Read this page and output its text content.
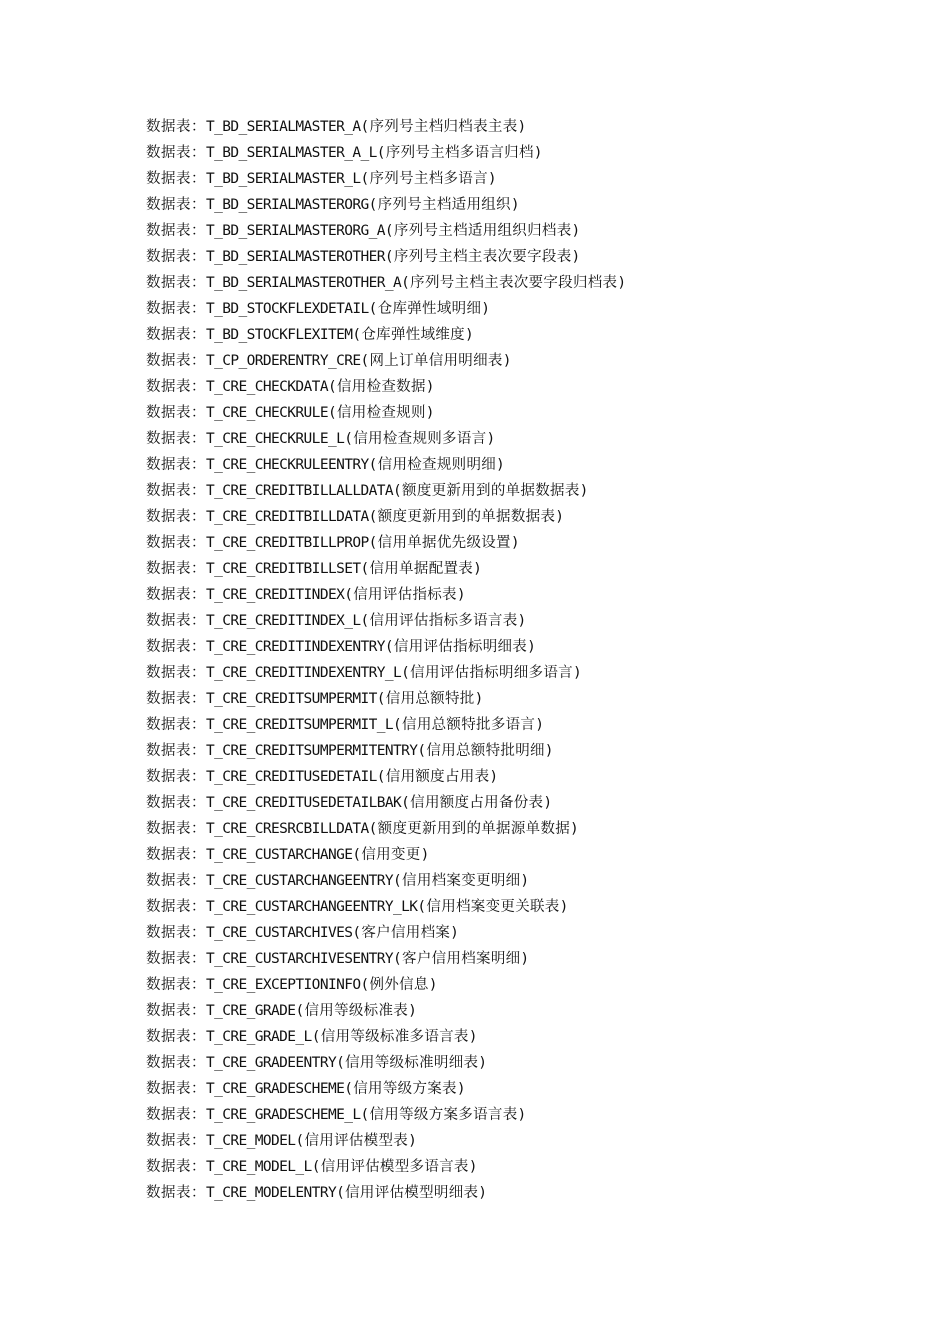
数据表：T_BD_SERIALMASTER_A(序列号主档归档表主表)
数据表：T_BD_SERIALMASTER_A_L(序列号主档多语言归档)
数据表：T_BD_SERIALMASTER_L(序列号主档多语言)
数据表：T_BD_SERIALMASTERORG(序列号主档适用组织)
数据表：T_BD_SERIALMASTERORG_A(序列号主档适用组织归档表)
数据表：T_BD_SERIALMASTEROTHER(序列号主档主表次要字段表)
数据表：T_BD_SERIALMASTEROTHER_A(序列号主档主表次要字段归档表)
数据表：T_BD_STOCKFLEXDETAIL(仓库弹性域明细)
数据表：T_BD_STOCKFLEXITEM(仓库弹性域维度)
数据表：T_CP_ORDERENTRY_CRE(网上订单信用明细表)
数据表：T_CRE_CHECKDATA(信用检查数据)
数据表：T_CRE_CHECKRULE(信用检查规则)
数据表：T_CRE_CHECKRULE_L(信用检查规则多语言)
数据表：T_CRE_CHECKRULEENTRY(信用检查规则明细)
数据表：T_CRE_CREDITBILLALLDATA(额度更新用到的单据数据表)
数据表：T_CRE_CREDITBILLDATA(额度更新用到的单据数据表)
数据表：T_CRE_CREDITBILLPROP(信用单据优先级设置)
数据表：T_CRE_CREDITBILLSET(信用单据配置表)
数据表：T_CRE_CREDITINDEX(信用评估指标表)
数据表：T_CRE_CREDITINDEX_L(信用评估指标多语言表)
数据表：T_CRE_CREDITINDEXENTRY(信用评估指标明细表)
数据表：T_CRE_CREDITINDEXENTRY_L(信用评估指标明细多语言)
数据表：T_CRE_CREDITSUMPERMIT(信用总额特批)
数据表：T_CRE_CREDITSUMPERMIT_L(信用总额特批多语言)
数据表：T_CRE_CREDITSUMPERMITENTRY(信用总额特批明细)
数据表：T_CRE_CREDITUSEDETAIL(信用额度占用表)
数据表：T_CRE_CREDITUSEDETAILBAK(信用额度占用备份表)
数据表：T_CRE_CRESRCBILLDATA(额度更新用到的单据源单数据)
数据表：T_CRE_CUSTARCHANGE(信用变更)
数据表：T_CRE_CUSTARCHANGEENTRY(信用档案变更明细)
数据表：T_CRE_CUSTARCHANGEENTRY_LK(信用档案变更关联表)
数据表：T_CRE_CUSTARCHIVES(客户信用档案)
数据表：T_CRE_CUSTARCHIVESENTRY(客户信用档案明细)
数据表：T_CRE_EXCEPTIONINFO(例外信息)
数据表：T_CRE_GRADE(信用等级标准表)
数据表：T_CRE_GRADE_L(信用等级标准多语言表)
数据表：T_CRE_GRADEENTRY(信用等级标准明细表)
数据表：T_CRE_GRADESCHEME(信用等级方案表)
数据表：T_CRE_GRADESCHEME_L(信用等级方案多语言表)
数据表：T_CRE_MODEL(信用评估模型表)
数据表：T_CRE_MODEL_L(信用评估模型多语言表)
数据表：T_CRE_MODELENTRY(信用评估模型明细表)
